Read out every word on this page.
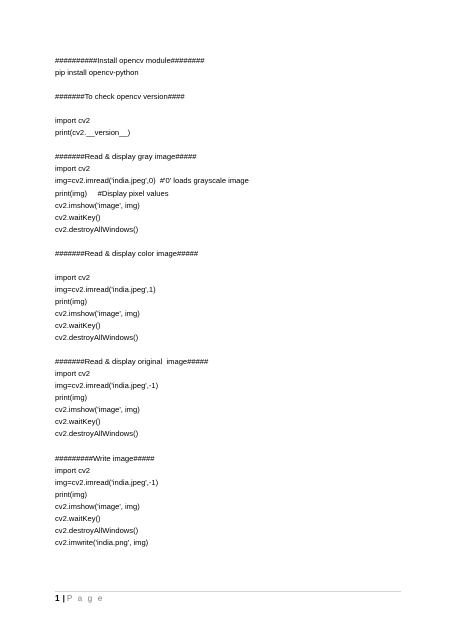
##########Install opencv module########
pip install opencv-python
#######To check opencv version####
import cv2
print(cv2.__version__)
#######Read & display gray image#####
import cv2
img=cv2.imread('india.jpeg',0)  #'0' loads grayscale image
print(img)     #Display pixel values
cv2.imshow('image', img)
cv2.waitKey()
cv2.destroyAllWindows()
#######Read & display color image#####
import cv2
img=cv2.imread('india.jpeg',1)
print(img)
cv2.imshow('image', img)
cv2.waitKey()
cv2.destroyAllWindows()
#######Read & display original  image#####
import cv2
img=cv2.imread('india.jpeg',-1)
print(img)
cv2.imshow('image', img)
cv2.waitKey()
cv2.destroyAllWindows()
#########Write image#####
import cv2
img=cv2.imread('india.jpeg',-1)
print(img)
cv2.imshow('image', img)
cv2.waitKey()
cv2.destroyAllWindows()
cv2.imwrite('india.png', img)
1 | P a g e
